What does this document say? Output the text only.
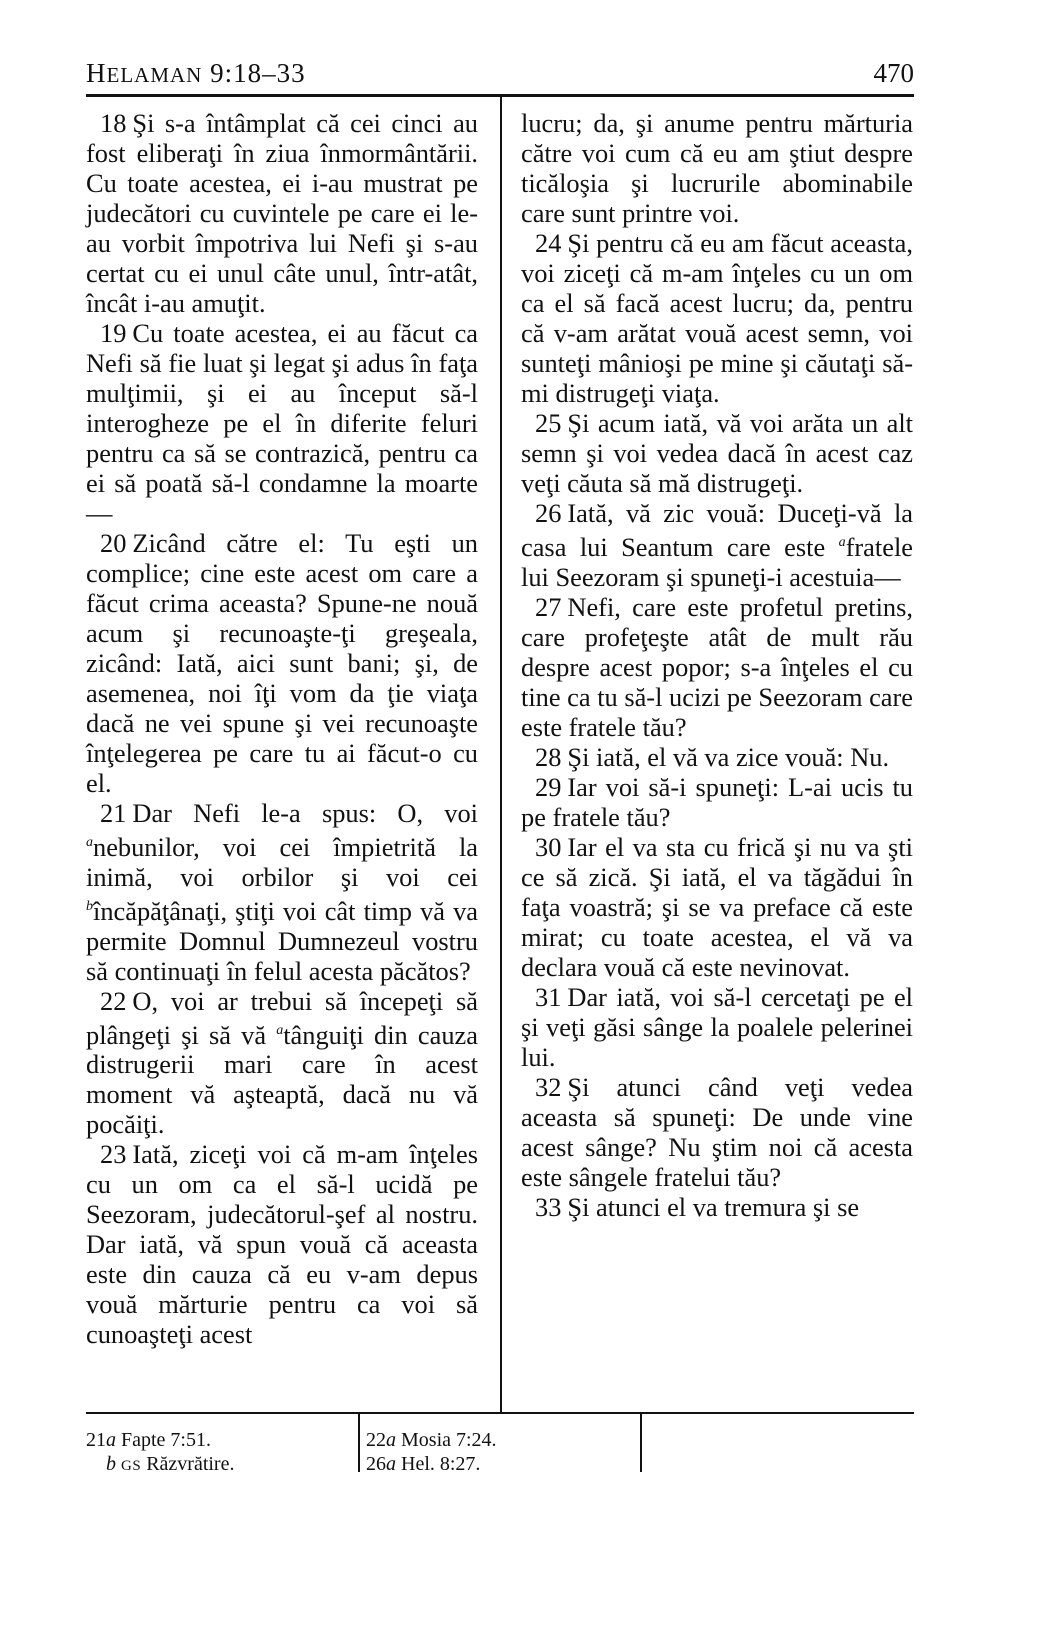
HELAMAN 9:18–33	470

18 Şi s-a întâmplat că cei cinci au fost eliberaţi în ziua înmormântării. Cu toate acestea, ei i-au mustrat pe judecători cu cuvintele pe care ei le-au vorbit împotriva lui Nefi şi s-au certat cu ei unul câte unul, într-atât, încât i-au amuţit.

19 Cu toate acestea, ei au făcut ca Nefi să fie luat şi legat şi adus în faţa mulţimii, şi ei au început să-l interogheze pe el în diferite feluri pentru ca să se contrazică, pentru ca ei să poată să-l condamne la moarte—

20 Zicând către el: Tu eşti un complice; cine este acest om care a făcut crima aceasta? Spune-ne nouă acum şi recunoaşte-ţi greşeala, zicând: Iată, aici sunt bani; şi, de asemenea, noi îţi vom da ţie viaţa dacă ne vei spune şi vei recunoaşte înţelegerea pe care tu ai făcut-o cu el.

21 Dar Nefi le-a spus: O, voi $^a$nebunilor, voi cei împietrită la inimă, voi orbilor şi voi cei $^b$încăpăţânaţi, ştiţi voi cât timp vă va permite Domnul Dumnezeul vostru să continuaţi în felul acesta păcătos?

22 O, voi ar trebui să începeţi să plângeţi şi să vă $^a$tânguiţi din cauza distrugerii mari care în acest moment vă aşteaptă, dacă nu vă pocăiţi.

23 Iată, ziceţi voi că m-am înţeles cu un om ca el să-l ucidă pe Seezoram, judecătorul-şef al nostru. Dar iată, vă spun vouă că aceasta este din cauza că eu v-am depus vouă mărturie pentru ca voi să cunoaşteţi acest

lucru; da, şi anume pentru mărturia către voi cum că eu am ştiut despre ticăloşia şi lucrurile abominabile care sunt printre voi.

24 Şi pentru că eu am făcut aceasta, voi ziceţi că m-am înţeles cu un om ca el să facă acest lucru; da, pentru că v-am arătat vouă acest semn, voi sunteţi mânioşi pe mine şi căutaţi să-mi distrugeţi viaţa.

25 Şi acum iată, vă voi arăta un alt semn şi voi vedea dacă în acest caz veţi căuta să mă distrugeţi.

26 Iată, vă zic vouă: Duceţi-vă la casa lui Seantum care este $^a$fratele lui Seezoram şi spuneţi-i acestuia—

27 Nefi, care este profetul pretins, care profeţeşte atât de mult rău despre acest popor; s-a înţeles el cu tine ca tu să-l ucizi pe Seezoram care este fratele tău?

28 Şi iată, el vă va zice vouă: Nu.

29 Iar voi să-i spuneţi: L-ai ucis tu pe fratele tău?

30 Iar el va sta cu frică şi nu va şti ce să zică. Şi iată, el va tăgădui în faţa voastră; şi se va preface că este mirat; cu toate acestea, el vă va declara vouă că este nevinovat.

31 Dar iată, voi să-l cercetaţi pe el şi veţi găsi sânge la poalele pelerinei lui.

32 Şi atunci când veţi vedea aceasta să spuneţi: De unde vine acest sânge? Nu ştim noi că acesta este sângele fratelui tău?

33 Şi atunci el va tremura şi se

21a Fapte 7:51.
b GS Răzvrătire.
22a Mosia 7:24.
26a Hel. 8:27.
